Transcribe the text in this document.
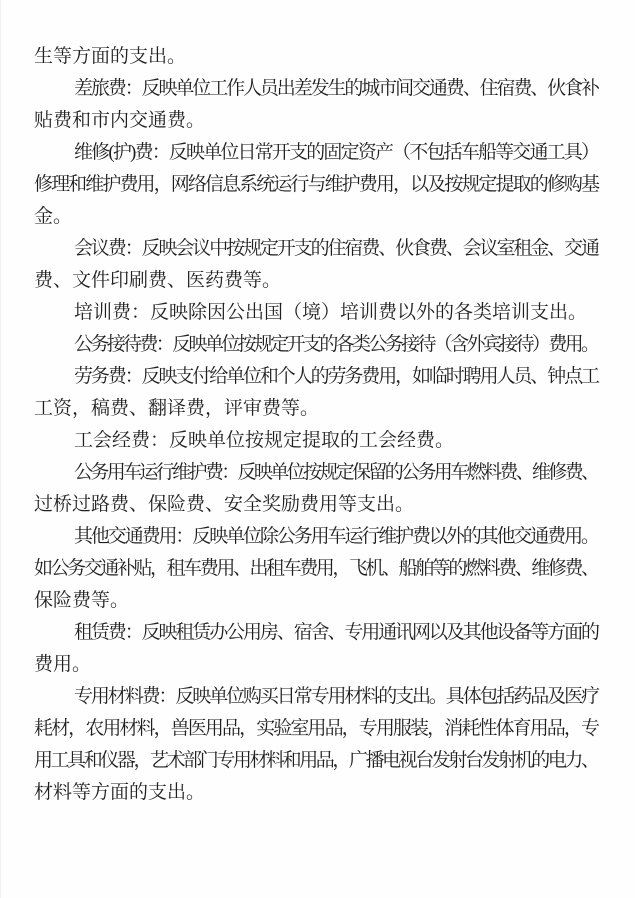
生等方面的支出。
差旅费：反映单位工作人员出差发生的城市间交通费、住宿费、伙食补
贴费和市内交通费。
维修(护)费：反映单位日常开支的固定资产（不包括车船等交通工具）
修理和维护费用，网络信息系统运行与维护费用，以及按规定提取的修购基
金。
会议费：反映会议中按规定开支的住宿费、伙食费、会议室租金、交通
费、文件印刷费、医药费等。
培训费：反映除因公出国（境）培训费以外的各类培训支出。
公务接待费：反映单位按规定开支的各类公务接待（含外宾接待）费用。
劳务费：反映支付给单位和个人的劳务费用，如临时聘用人员、钟点工
工资，稿费、翻译费，评审费等。
工会经费：反映单位按规定提取的工会经费。
公务用车运行维护费：反映单位按规定保留的公务用车燃料费、维修费、
过桥过路费、保险费、安全奖励费用等支出。
其他交通费用：反映单位除公务用车运行维护费以外的其他交通费用。
如公务交通补贴，租车费用、出租车费用，飞机、船舶等的燃料费、维修费、
保险费等。
租赁费：反映租赁办公用房、宿舍、专用通讯网以及其他设备等方面的
费用。
专用材料费：反映单位购买日常专用材料的支出。具体包括药品及医疗
耗材，农用材料，兽医用品，实验室用品，专用服装，消耗性体育用品，专
用工具和仪器，艺术部门专用材料和用品，广播电视台发射台发射机的电力、
材料等方面的支出。
